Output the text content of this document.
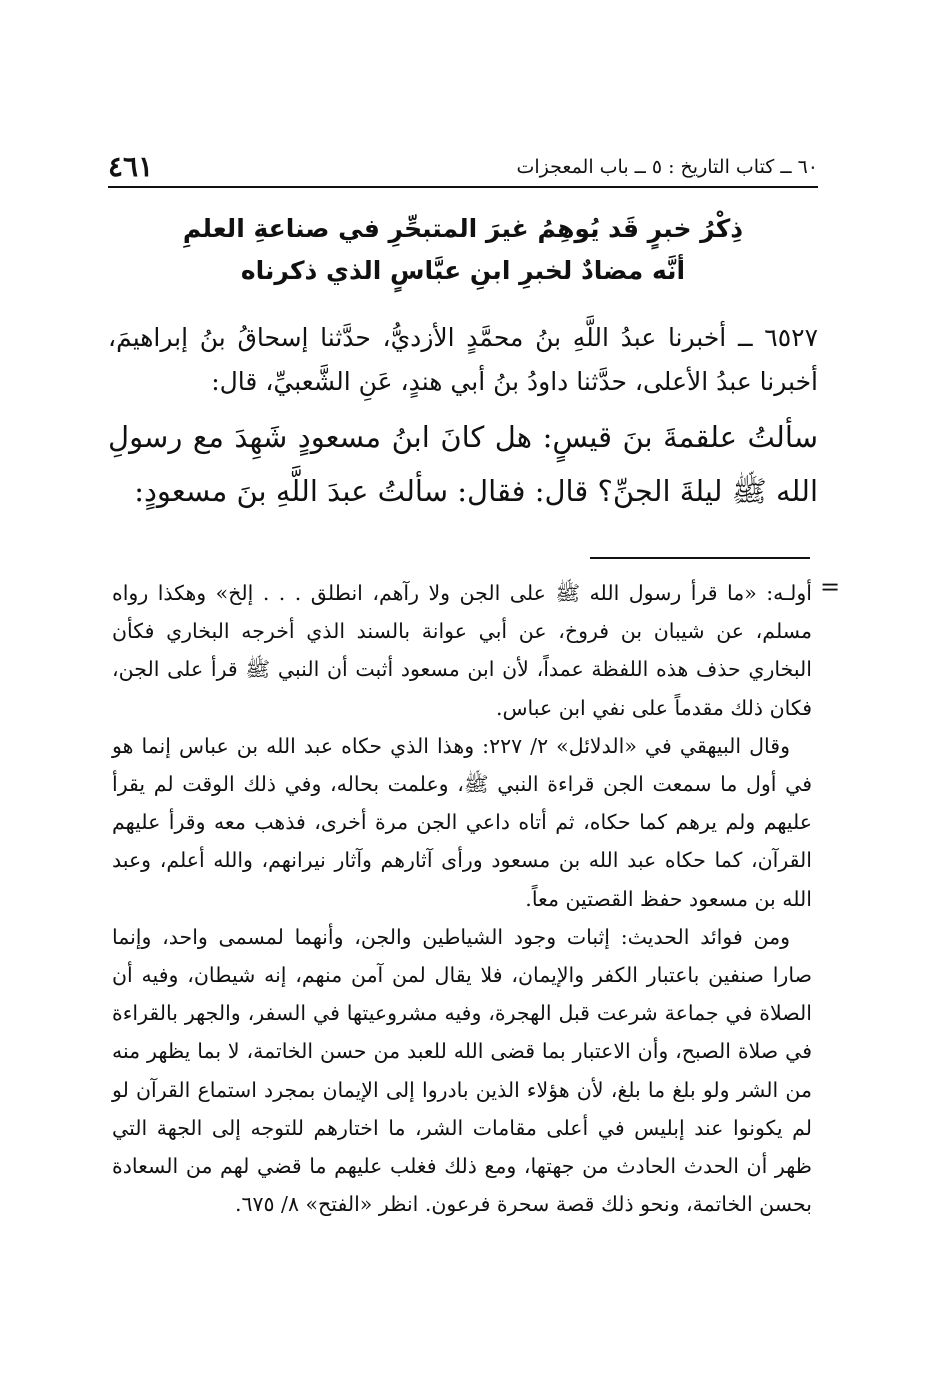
٦٠ ــ كتاب التاريخ : ٥ ــ باب المعجزات
٤٦١
ذِكْرُ خبرٍ قَد يُوهِمُ غيرَ المتبحِّرِ في صناعةِ العلمِ
أنَّه مضادٌ لخبرِ ابنِ عبَّاسٍ الذي ذكرناه

٦٥٢٧ ــ أخبرنا عبدُ اللَّهِ بنُ محمَّدٍ الأزديُّ، حدَّثنا إسحاقُ بنُ إبراهيمَ، أخبرنا عبدُ الأعلى، حدَّثنا داودُ بنُ أبي هندٍ، عَنِ الشَّعبيِّ، قال:

سألتُ علقمةَ بنَ قيسٍ: هل كانَ ابنُ مسعودٍ شَهِدَ مع رسولِ الله ﷺ ليلةَ الجنِّ؟ قال: فقال: سألتُ عبدَ اللَّهِ بنَ مسعودٍ:

=

أولـه: «ما قرأ رسول الله ﷺ على الجن ولا رآهم، انطلق . . . إلخ» وهكذا رواه مسلم، عن شيبان بن فروخ، عن أبي عوانة بالسند الذي أخرجه البخاري فكأن البخاري حذف هذه اللفظة عمداً، لأن ابن مسعود أثبت أن النبي ﷺ قرأ على الجن، فكان ذلك مقدماً على نفي ابن عباس.

وقال البيهقي في «الدلائل» ٢/ ٢٢٧: وهذا الذي حكاه عبد الله بن عباس إنما هو في أول ما سمعت الجن قراءة النبي ﷺ، وعلمت بحاله، وفي ذلك الوقت لم يقرأ عليهم ولم يرهم كما حكاه، ثم أتاه داعي الجن مرة أخرى، فذهب معه وقرأ عليهم القرآن، كما حكاه عبد الله بن مسعود ورأى آثارهم وآثار نيرانهم، والله أعلم، وعبد الله بن مسعود حفظ القصتين معاً.

ومن فوائد الحديث: إثبات وجود الشياطين والجن، وأنهما لمسمى واحد، وإنما صارا صنفين باعتبار الكفر والإيمان، فلا يقال لمن آمن منهم، إنه شيطان، وفيه أن الصلاة في جماعة شرعت قبل الهجرة، وفيه مشروعيتها في السفر، والجهر بالقراءة في صلاة الصبح، وأن الاعتبار بما قضى الله للعبد من حسن الخاتمة، لا بما يظهر منه من الشر ولو بلغ ما بلغ، لأن هؤلاء الذين بادروا إلى الإيمان بمجرد استماع القرآن لو لم يكونوا عند إبليس في أعلى مقامات الشر، ما اختارهم للتوجه إلى الجهة التي ظهر أن الحدث الحادث من جهتها، ومع ذلك فغلب عليهم ما قضي لهم من السعادة بحسن الخاتمة، ونحو ذلك قصة سحرة فرعون. انظر «الفتح» ٨/ ٦٧٥.
